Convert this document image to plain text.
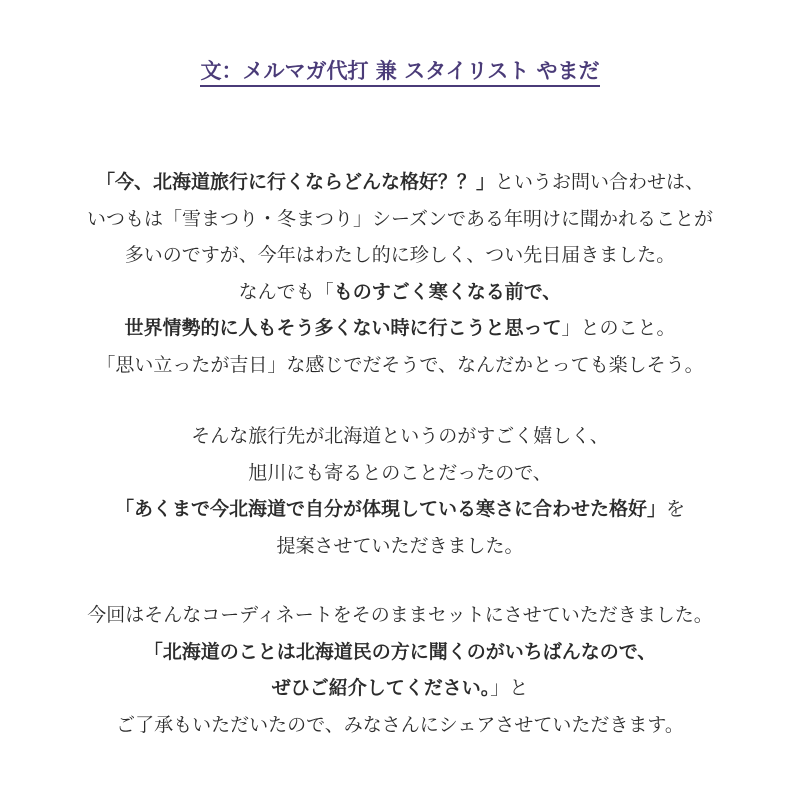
文：メルマガ代打 兼 スタイリスト やまだ
「今、北海道旅行に行くならどんな格好？？」というお問い合わせは、
いつもは「雪まつり・冬まつり」シーズンである年明けに聞かれることが
多いのですが、今年はわたし的に珍しく、つい先日届きました。
なんでも「ものすごく寒くなる前で、
世界情勢的に人もそう多くない時に行こうと思って」とのこと。
「思い立ったが吉日」な感じでだそうで、なんだかとっても楽しそう。
そんな旅行先が北海道というのがすごく嬉しく、
旭川にも寄るとのことだったので、
「あくまで今北海道で自分が体現している寒さに合わせた格好」を
提案させていただきました。
今回はそんなコーディネートをそのままセットにさせていただきました。
「北海道のことは北海道民の方に聞くのがいちばんなので、
ぜひご紹介してください。」と
ご了承もいただいたので、みなさんにシェアさせていただきます。
